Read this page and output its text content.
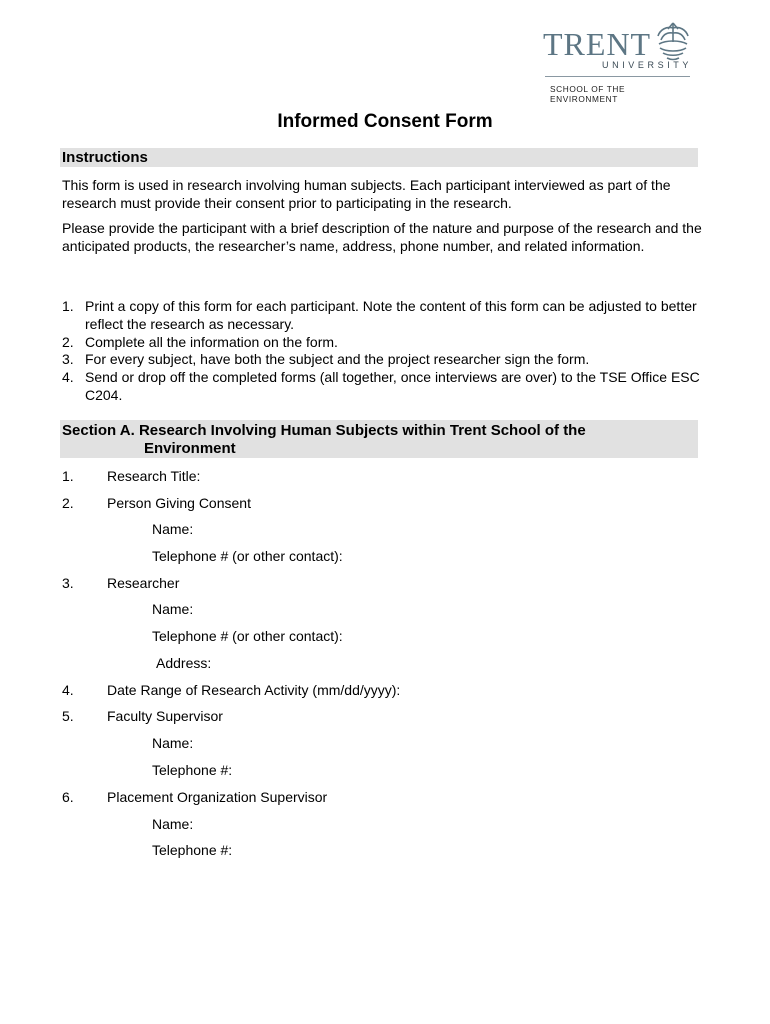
TRENT
UNIVERSITY
SCHOOL OF THE ENVIRONMENT
Informed Consent Form
Instructions
This form is used in research involving human subjects. Each participant interviewed as part of the research must provide their consent prior to participating in the research.
Please provide the participant with a brief description of the nature and purpose of the research and the anticipated products, the researcher’s name, address, phone number, and related information.
1. Print a copy of this form for each participant. Note the content of this form can be adjusted to better reflect the research as necessary.
2. Complete all the information on the form.
3. For every subject, have both the subject and the project researcher sign the form.
4. Send or drop off the completed forms (all together, once interviews are over) to the TSE Office ESC C204.
Section A. Research Involving Human Subjects within Trent School of the
Environment
1. Research Title:
2. Person Giving Consent
Name:
Telephone # (or other contact):
3. Researcher
Name:
Telephone # (or other contact):
Address:
4. Date Range of Research Activity (mm/dd/yyyy):
5. Faculty Supervisor
Name:
Telephone #:
6. Placement Organization Supervisor
Name:
Telephone #:
